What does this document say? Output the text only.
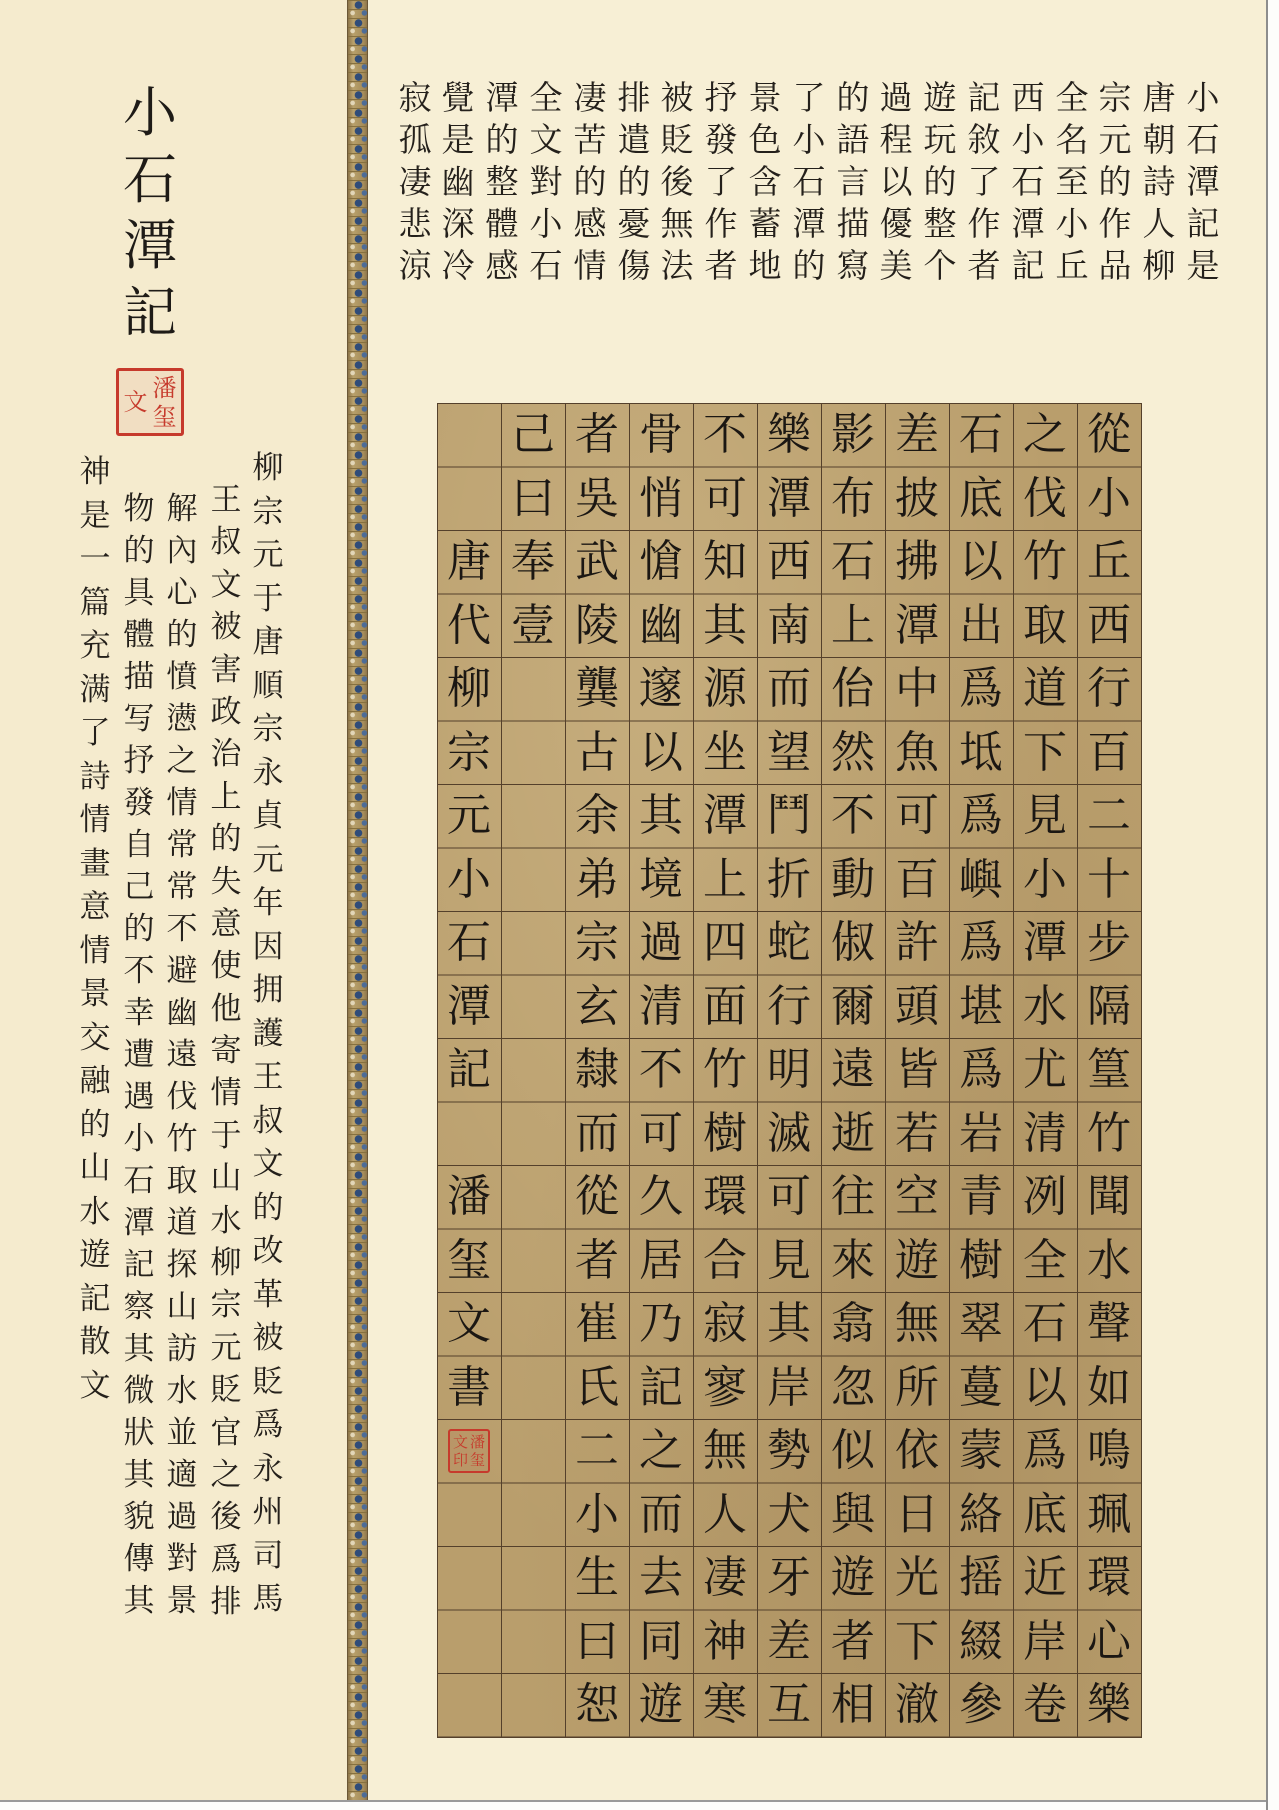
小
石
潭
記
潘
玺
文
柳
宗
元
于
唐
順
宗
永
貞
元
年
因
拥
護
王
叔
文
的
改
革
被
貶
爲
永
州
司
馬
王
叔
文
被
害
政
治
上
的
失
意
使
他
寄
情
于
山
水
柳
宗
元
貶
官
之
後
爲
排
解
內
心
的
憤
懑
之
情
常
常
不
避
幽
遠
伐
竹
取
道
探
山
訪
水
並
適
過
對
景
物
的
具
體
描
写
抒
發
自
己
的
不
幸
遭
遇
小
石
潭
記
察
其
微
狀
其
貌
傳
其
神
是
一
篇
充
满
了
詩
情
畫
意
情
景
交
融
的
山
水
遊
記
散
文
小
石
潭
記
是
唐
朝
詩
人
柳
宗
元
的
作
品
全
名
至
小
丘
西
小
石
潭
記
記
敘
了
作
者
遊
玩
的
整
个
過
程
以
優
美
的
語
言
描
寫
了
小
石
潭
的
景
色
含
蓄
地
抒
發
了
作
者
被
貶
後
無
法
排
遣
的
憂
傷
凄
苦
的
感
情
全
文
對
小
石
潭
的
整
體
感
覺
是
幽
深
冷
寂
孤
凄
悲
涼
從
小
丘
西
行
百
二
十
步
隔
篁
竹
聞
水
聲
如
鳴
珮
環
心
樂
之
伐
竹
取
道
下
見
小
潭
水
尤
清
冽
全
石
以
爲
底
近
岸
卷
石
底
以
出
爲
坻
爲
嶼
爲
堪
爲
岩
青
樹
翠
蔓
蒙
絡
摇
綴
參
差
披
拂
潭
中
魚
可
百
許
頭
皆
若
空
遊
無
所
依
日
光
下
澈
影
布
石
上
佁
然
不
動
俶
爾
遠
逝
往
來
翕
忽
似
與
遊
者
相
樂
潭
西
南
而
望
鬥
折
蛇
行
明
滅
可
見
其
岸
勢
犬
牙
差
互
不
可
知
其
源
坐
潭
上
四
面
竹
樹
環
合
寂
寥
無
人
凄
神
寒
骨
悄
愴
幽
邃
以
其
境
過
清
不
可
久
居
乃
記
之
而
去
同
遊
者
吳
武
陵
龔
古
余
弟
宗
玄
隸
而
從
者
崔
氏
二
小
生
曰
恕
己
曰
奉
壹
唐
代
柳
宗
元
小
石
潭
記
潘
玺
文
書
潘
玺
文
印
